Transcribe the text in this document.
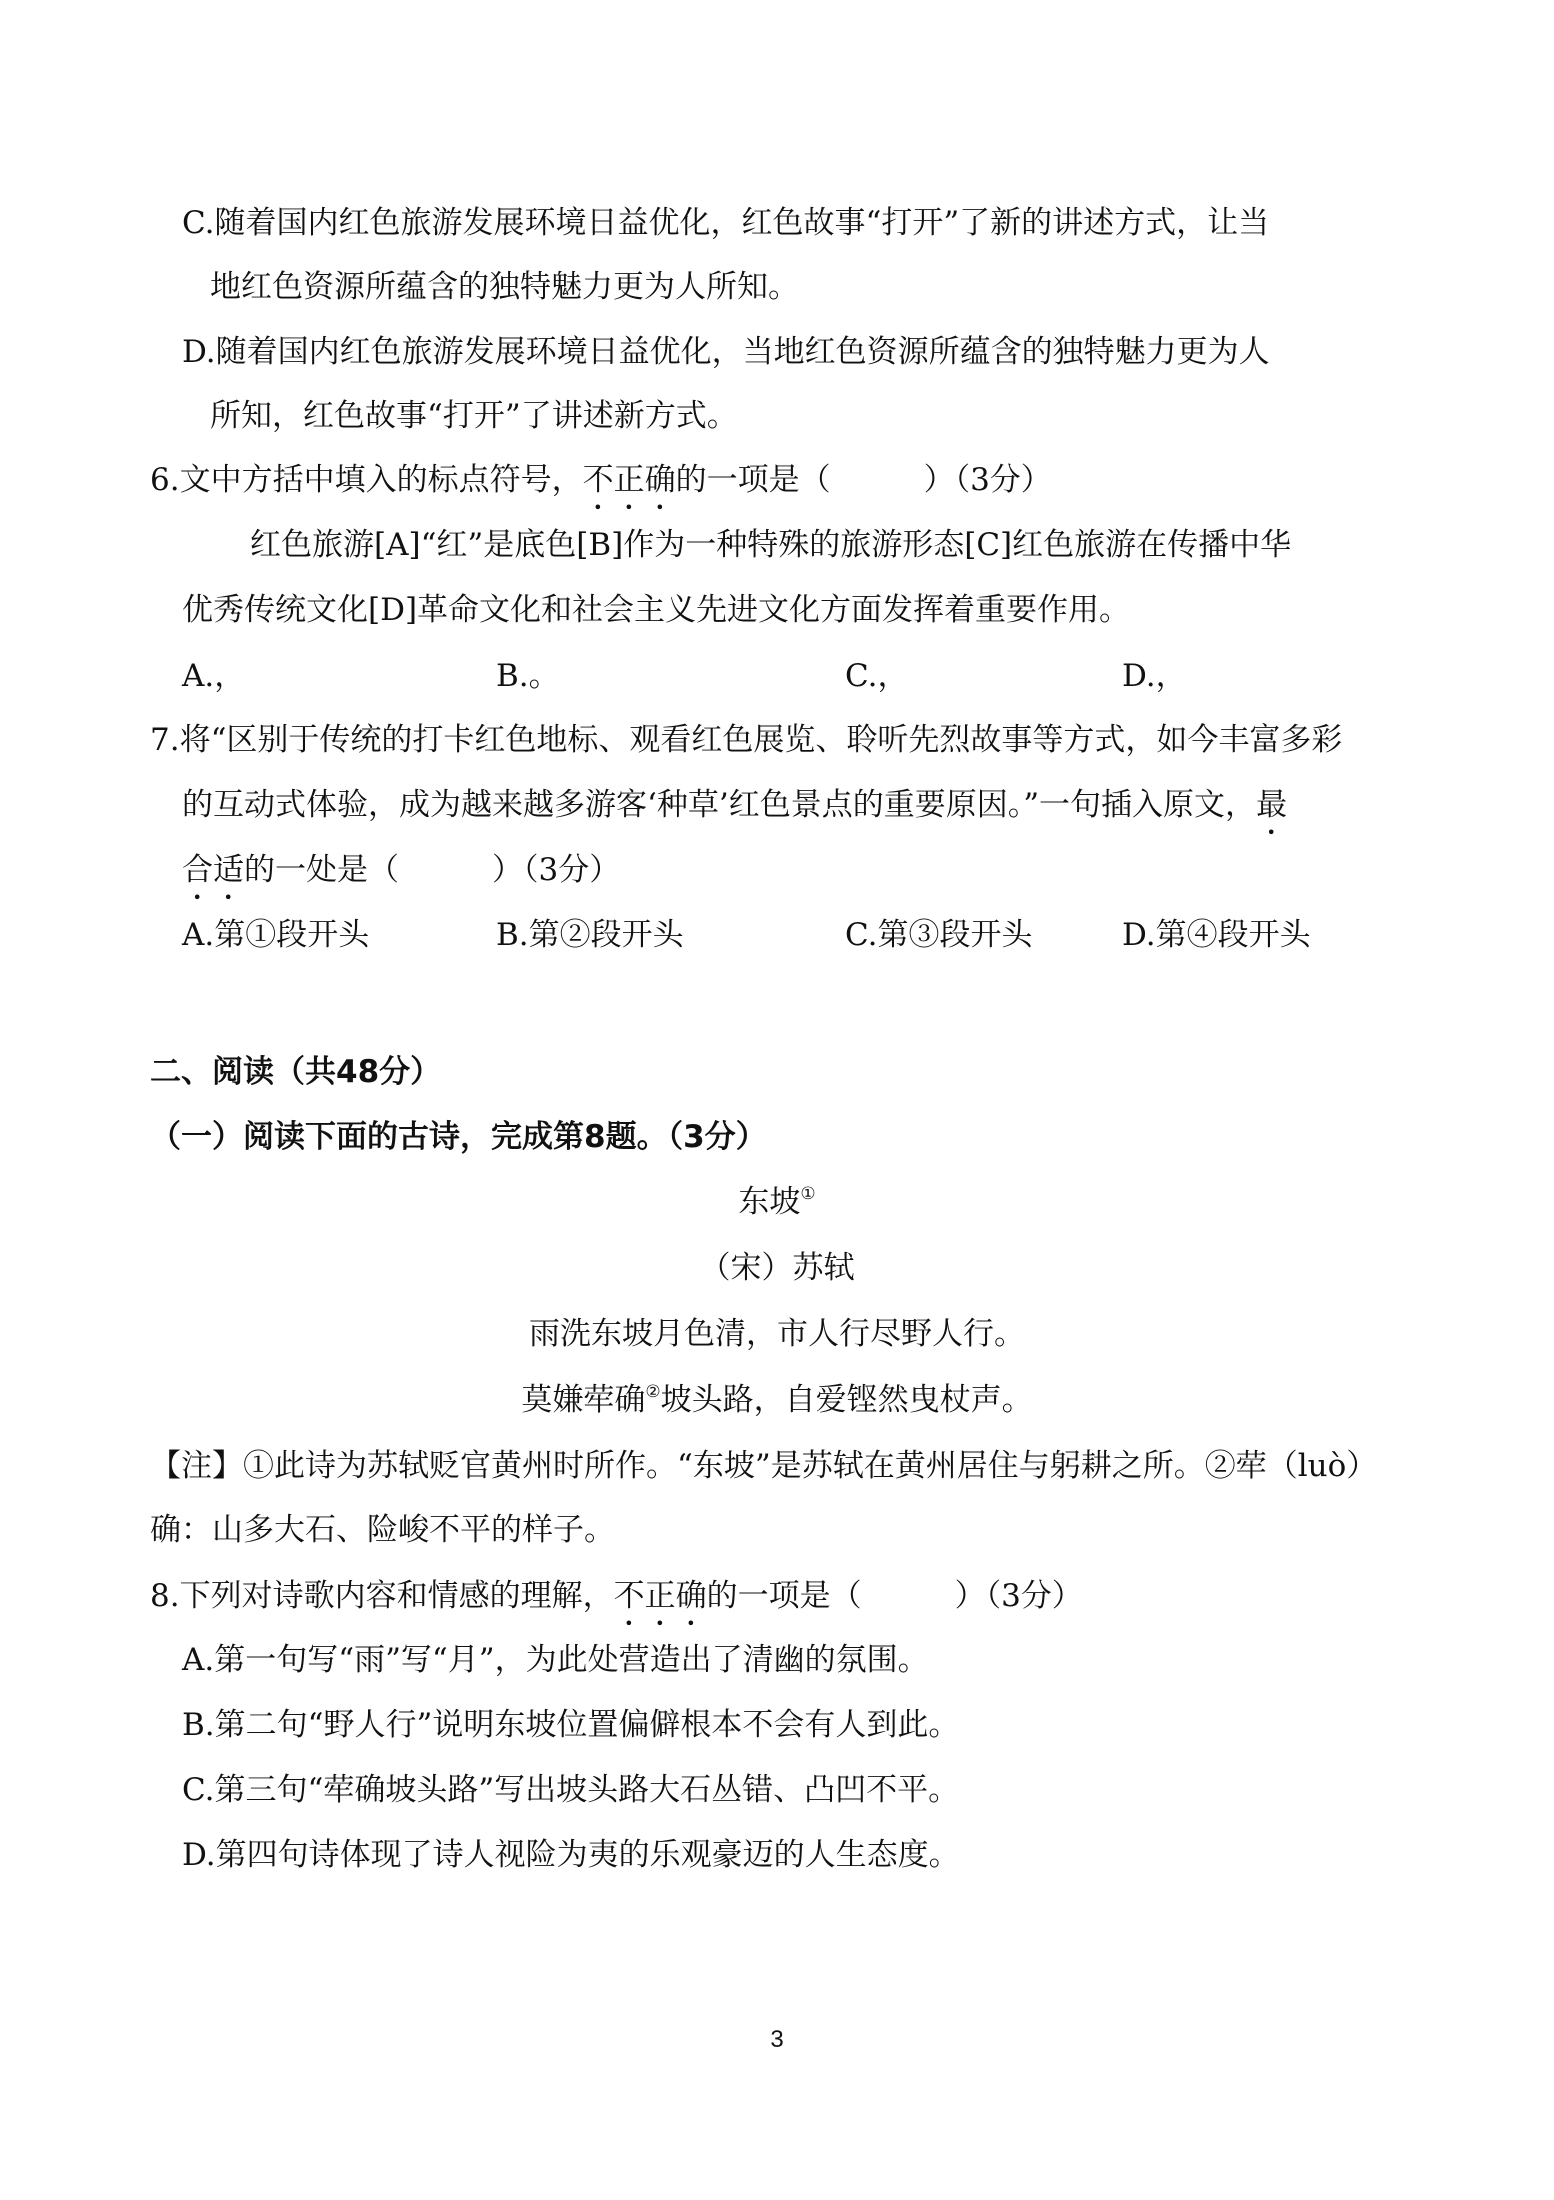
C.随着国内红色旅游发展环境日益优化，红色故事“打开”了新的讲述方式，让当
地红色资源所蕴含的独特魅力更为人所知。
D.随着国内红色旅游发展环境日益优化，当地红色资源所蕴含的独特魅力更为人
所知，红色故事“打开”了讲述新方式。
6.文中方括中填入的标点符号，不正确的一项是（　　　）（3分）
红色旅游[A]“红”是底色[B]作为一种特殊的旅游形态[C]红色旅游在传播中华
优秀传统文化[D]革命文化和社会主义先进文化方面发挥着重要作用。
A.，	B.。	C.，	D.，
7.将“区别于传统的打卡红色地标、观看红色展览、聆听先烈故事等方式，如今丰富多彩
的互动式体验，成为越来越多游客‘种草’红色景点的重要原因。”一句插入原文，最
合适的一处是（　　　）（3分）
A.第①段开头	B.第②段开头	C.第③段开头	D.第④段开头
二、阅读（共48分）
（一）阅读下面的古诗，完成第8题。（3分）
东坡①
（宋）苏轼
雨洗东坡月色清，市人行尽野人行。
莫嫌荦确②坡头路，自爱铿然曳杖声。
【注】①此诗为苏轼贬官黄州时所作。“东坡”是苏轼在黄州居住与躬耕之所。②荦（luò）
确：山多大石、险峻不平的样子。
8.下列对诗歌内容和情感的理解，不正确的一项是（　　　）（3分）
A.第一句写“雨”写“月”，为此处营造出了清幽的氛围。
B.第二句“野人行”说明东坡位置偏僻根本不会有人到此。
C.第三句“荦确坡头路”写出坡头路大石丛错、凸凹不平。
D.第四句诗体现了诗人视险为夷的乐观豪迈的人生态度。
3
